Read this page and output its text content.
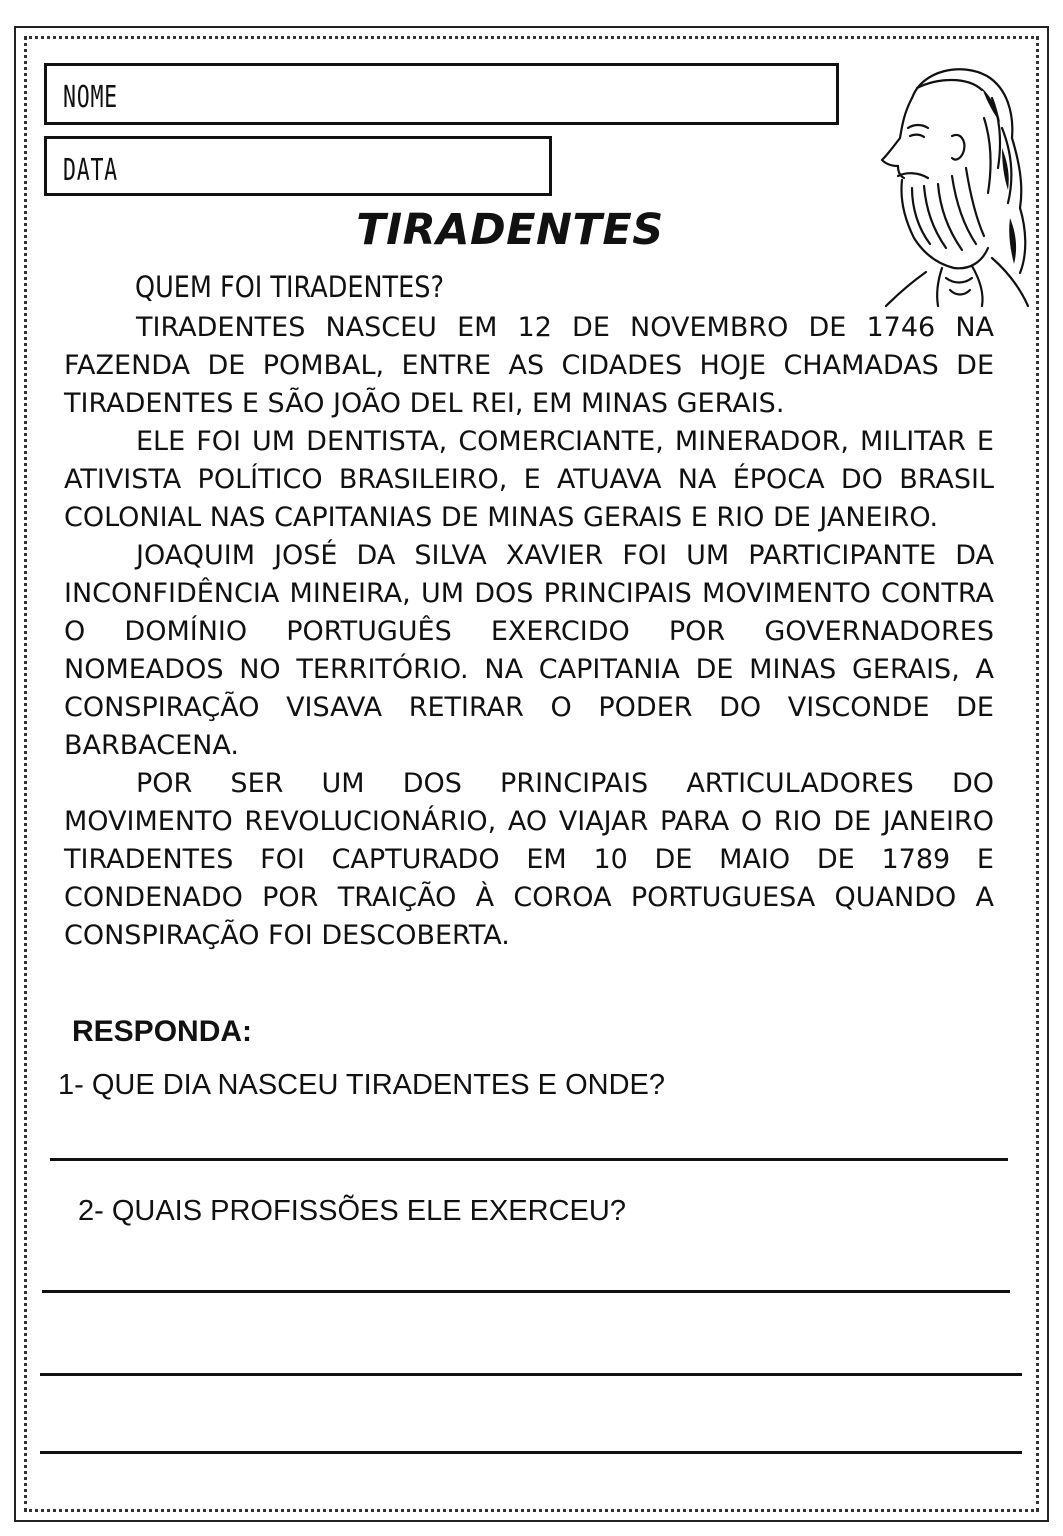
NOME
DATA
TIRADENTES
QUEM FOI TIRADENTES?

TIRADENTES NASCEU EM 12 DE NOVEMBRO DE 1746 NA FAZENDA DE POMBAL, ENTRE AS CIDADES HOJE CHAMADAS DE TIRADENTES E SÃO JOÃO DEL REI, EM MINAS GERAIS.

ELE FOI UM DENTISTA, COMERCIANTE, MINERADOR, MILITAR E ATIVISTA POLÍTICO BRASILEIRO, E ATUAVA NA ÉPOCA DO BRASIL COLONIAL NAS CAPITANIAS DE MINAS GERAIS E RIO DE JANEIRO.

JOAQUIM JOSÉ DA SILVA XAVIER FOI UM PARTICIPANTE DA INCONFIDÊNCIA MINEIRA, UM DOS PRINCIPAIS MOVIMENTO CONTRA O DOMÍNIO PORTUGUÊS EXERCIDO POR GOVERNADORES NOMEADOS NO TERRITÓRIO. NA CAPITANIA DE MINAS GERAIS, A CONSPIRAÇÃO VISAVA RETIRAR O PODER DO VISCONDE DE BARBACENA.

POR SER UM DOS PRINCIPAIS ARTICULADORES DO MOVIMENTO REVOLUCIONÁRIO, AO VIAJAR PARA O RIO DE JANEIRO TIRADENTES FOI CAPTURADO EM 10 DE MAIO DE 1789 E CONDENADO POR TRAIÇÃO À COROA PORTUGUESA QUANDO A CONSPIRAÇÃO FOI DESCOBERTA.

RESPONDA:
1- QUE DIA NASCEU TIRADENTES E ONDE?
2- QUAIS PROFISSÕES ELE EXERCEU?
